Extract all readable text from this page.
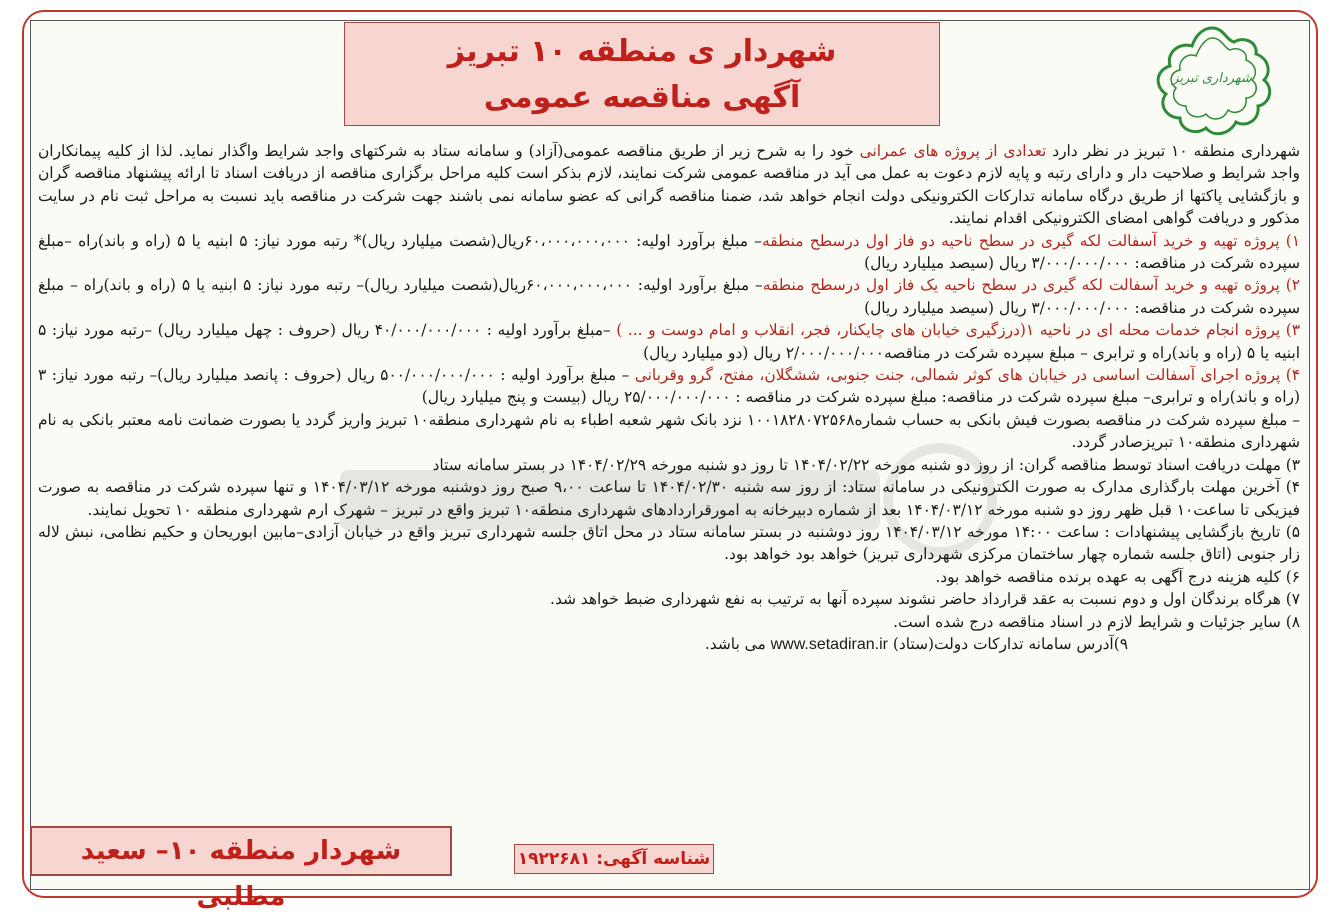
شهرداری تبریز
شهردار ی منطقه ۱۰ تبریز
آگهی مناقصه عمومی

شهرداری منطقه ۱۰ تبریز در نظر دارد تعدادی از پروژه های عمرانی خود را به شرح زیر از طریق مناقصه عمومی(آزاد) و سامانه ستاد به شرکتهای واجد شرایط واگذار نماید. لذا از کلیه پیمانکاران واجد شرایط و صلاحیت دار و دارای رتبه و پایه لازم دعوت به عمل می آید در مناقصه عمومی شرکت نمایند، لازم بذکر است کلیه مراحل برگزاری مناقصه از دریافت اسناد تا ارائه پیشنهاد مناقصه گران و بازگشایی پاکتها از طریق درگاه سامانه تدارکات الکترونیکی دولت انجام خواهد شد، ضمنا مناقصه گرانی که عضو سامانه نمی باشند جهت شرکت در مناقصه باید نسبت به مراحل ثبت نام در سایت مذکور و دریافت گواهی امضای الکترونیکی اقدام نمایند.

۱) پروژه تهیه و خرید آسفالت لکه گیری در سطح ناحیه دو فاز اول درسطح منطقه– مبلغ برآورد اولیه: ۶۰،۰۰۰،۰۰۰،۰۰۰ریال(شصت میلیارد ریال)* رتبه مورد نیاز: ۵ ابنیه یا ۵ (راه و باند)راه –مبلغ سپرده شرکت در مناقصه: ۳/۰۰۰/۰۰۰/۰۰۰ ریال (سیصد میلیارد ریال)

۲) پروژه تهیه و خرید آسفالت لکه گیری در سطح ناحیه یک فاز اول درسطح منطقه– مبلغ برآورد اولیه: ۶۰،۰۰۰،۰۰۰،۰۰۰ریال(شصت میلیارد ریال)– رتبه مورد نیاز: ۵ ابنیه یا ۵ (راه و باند)راه – مبلغ سپرده شرکت در مناقصه: ۳/۰۰۰/۰۰۰/۰۰۰ ریال (سیصد میلیارد ریال)

۳) پروژه انجام خدمات محله ای در ناحیه ۱(درزگیری خیابان های چایکنار، فجر، انقلاب و امام دوست و ... ) –مبلغ برآورد اولیه : ۴۰/۰۰۰/۰۰۰/۰۰۰ ریال (حروف : چهل میلیارد ریال) –رتبه مورد نیاز: ۵ ابنیه یا ۵ (راه و باند)راه و ترابری – مبلغ سپرده شرکت در مناقصه۲/۰۰۰/۰۰۰/۰۰۰ ریال (دو میلیارد ریال)

۴) پروژه اجرای آسفالت اساسی در خیابان های کوثر شمالی، جنت جنوبی، ششگلان، مفتح، گرو وقربانی – مبلغ برآورد اولیه : ۵۰۰/۰۰۰/۰۰۰/۰۰۰ ریال (حروف : پانصد میلیارد ریال)– رتبه مورد نیاز: ۳ (راه و باند)راه و ترابری– مبلغ سپرده شرکت در مناقصه: مبلغ سپرده شرکت در مناقصه : ۲۵/۰۰۰/۰۰۰/۰۰۰ ریال (بیست و پنج میلیارد ریال)

– مبلغ سپرده شرکت در مناقصه بصورت فیش بانکی به حساب شماره۱۰۰۱۸۲۸۰۷۲۵۶۸ نزد بانک شهر شعبه اطباء به نام شهرداری منطقه۱۰ تبریز واریز گردد یا بصورت ضمانت نامه معتبر بانکی به نام شهرداری منطقه۱۰ تبریزصادر گردد.

۳) مهلت دریافت اسناد توسط مناقصه گران: از روز دو شنبه مورخه ۱۴۰۴/۰۲/۲۲ تا روز دو شنبه مورخه ۱۴۰۴/۰۲/۲۹ در بستر سامانه ستاد

۴) آخرین مهلت بارگذاری مدارک به صورت الکترونیکی در سامانه ستاد: از روز سه شنبه ۱۴۰۴/۰۲/۳۰ تا ساعت ۹،۰۰ صبح روز دوشنبه مورخه ۱۴۰۴/۰۳/۱۲ و تنها سپرده شرکت در مناقصه به صورت فیزیکی تا ساعت۱۰ قبل ظهر روز دو شنبه مورخه ۱۴۰۴/۰۳/۱۲ بعد از شماره دبیرخانه به امورقراردادهای شهرداری منطقه۱۰ تبریز واقع در تبریز – شهرک ارم شهرداری منطقه ۱۰ تحویل نمایند.

۵) تاریخ بازگشایی پیشنهادات : ساعت ۱۴:۰۰ مورخه ۱۴۰۴/۰۳/۱۲ روز دوشنبه در بستر سامانه ستاد در محل اتاق جلسه شهرداری تبریز واقع در خیابان آزادی–مابین ابوریحان و حکیم نظامی، نبش لاله زار جنوبی (اتاق جلسه شماره چهار ساختمان مرکزی شهرداری تبریز) خواهد بود خواهد بود.

۶) کلیه هزینه درج آگهی به عهده برنده مناقصه خواهد بود.

۷) هرگاه برندگان اول و دوم نسبت به عقد قرارداد حاضر نشوند سپرده آنها به ترتیب به نفع شهرداری ضبط خواهد شد.

۸) سایر جزئیات و شرایط لازم در اسناد مناقصه درج شده است.

۹)آدرس سامانه تدارکات دولت(ستاد) www.setadiran.ir می باشد.

شناسه آگهی: ۱۹۲۲۶۸۱
شهردار منطقه ۱۰– سعید مطلبی
